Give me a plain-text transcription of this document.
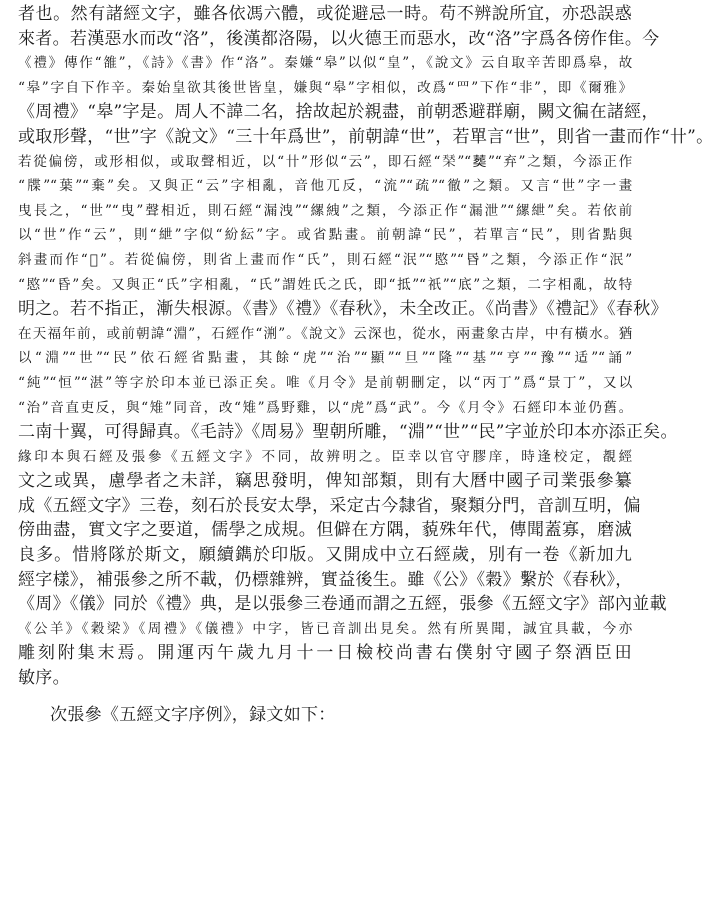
者也。然有諸經文字，雖各依馮六體，或從避忌一時。苟不辨說所宜，亦恐誤惑
來者。若漢惡水而改“洛”，後漢都洛陽，以火德王而惡水，改“洛”字爲各傍作隹。今
《禮》傳作“雒”，《詩》《書》作“洛”。秦嫌“皋”以似“皇”，《說文》云自取辛苦即爲皋，故
“皋”字自下作辛。秦始皇欲其後世皆皇，嫌與“皋”字相似，改爲“罒”下作“非”，即《爾雅》
《周禮》“皋”字是。周人不諱二名，捨故起於親盡，前朝悉避群廟，闕文徧在諸經，
或取形聲，“世”字《說文》“三十年爲世”，前朝諱“世”，若單言“世”，則省一畫而作“卄”。
若從偏傍，或形相似，或取聲相近，以“卄”形似“云”，即石經“𣓁”“𦵏”“弃”之類，今添正作
“牒”“葉”“棄”矣。又與正“云”字相亂，音他兀反，“流”“疏”“徹”之類。又言“世”字一畫
曳長之，“世”“曳”聲相近，則石經“漏洩”“縲絏”之類，今添正作“漏泄”“縲紲”矣。若依前
以“世”作“云”，則“紲”字似“紛紜”字。或省點畫。前朝諱“民”，若單言“民”，則省點與
斜畫而作“𫝀”。若從偏傍，則省上畫而作“氏”，則石經“泯”“愍”“昬”之類，今添正作“泯”
“愍”“昏”矣。又與正“氏”字相亂，“氏”謂姓氏之氏，即“抵”“祇”“底”之類，二字相亂，故特
明之。若不指正，漸失根源。《書》《禮》《春秋》，未全改正。《尚書》《禮記》《春秋》
在天福年前，或前朝諱“淵”，石經作“渆”。《說文》云深也，從水，兩畫象古岸，中有橫水。猶
以“淵”“世”“民”依石經省點畫，其餘“虎”“治”“顯”“旦”“隆”“基”“亨”“豫”“适”“誦”
“純”“恒”“湛”等字於印本並已添正矣。唯《月令》是前朝刪定，以“丙丁”爲“景丁”，又以
“治”音直吏反，與“雉”同音，改“雉”爲野雞，以“虎”爲“武”。今《月令》石經印本並仍舊。
二南十翼，可得歸真。《毛詩》《周易》聖朝所雕，“淵”“世”“民”字並於印本亦添正矣。
緣印本與石經及張參《五經文字》不同，故辨明之。臣幸以官守膠庠，時逢校定，覩經
文之或異，慮學者之未詳，竊思發明，俾知部類，則有大曆中國子司業張參纂
成《五經文字》三卷，刻石於長安太學，采定古今隸省，聚類分門，音訓互明，偏
傍曲盡，實文字之要道，儒學之成規。但僻在方隅，藐殊年代，傳聞蓋寡，磨滅
良多。惜將隊於斯文，願續鐫於印版。又開成中立石經歲，別有一卷《新加九
經字樣》，補張參之所不載，仍標雜辨，實益後生。雖《公》《穀》繫於《春秋》，
《周》《儀》同於《禮》典，是以張參三卷通而謂之五經，張參《五經文字》部內並載
《公羊》《穀梁》《周禮》《儀禮》中字，皆已音訓出見矣。然有所異聞，誠宜具載，今亦
雕刻附集末焉。開運丙午歲九月十一日檢校尚書右僕射守國子祭酒臣田
敏序。
次張參《五經文字序例》，録文如下：
